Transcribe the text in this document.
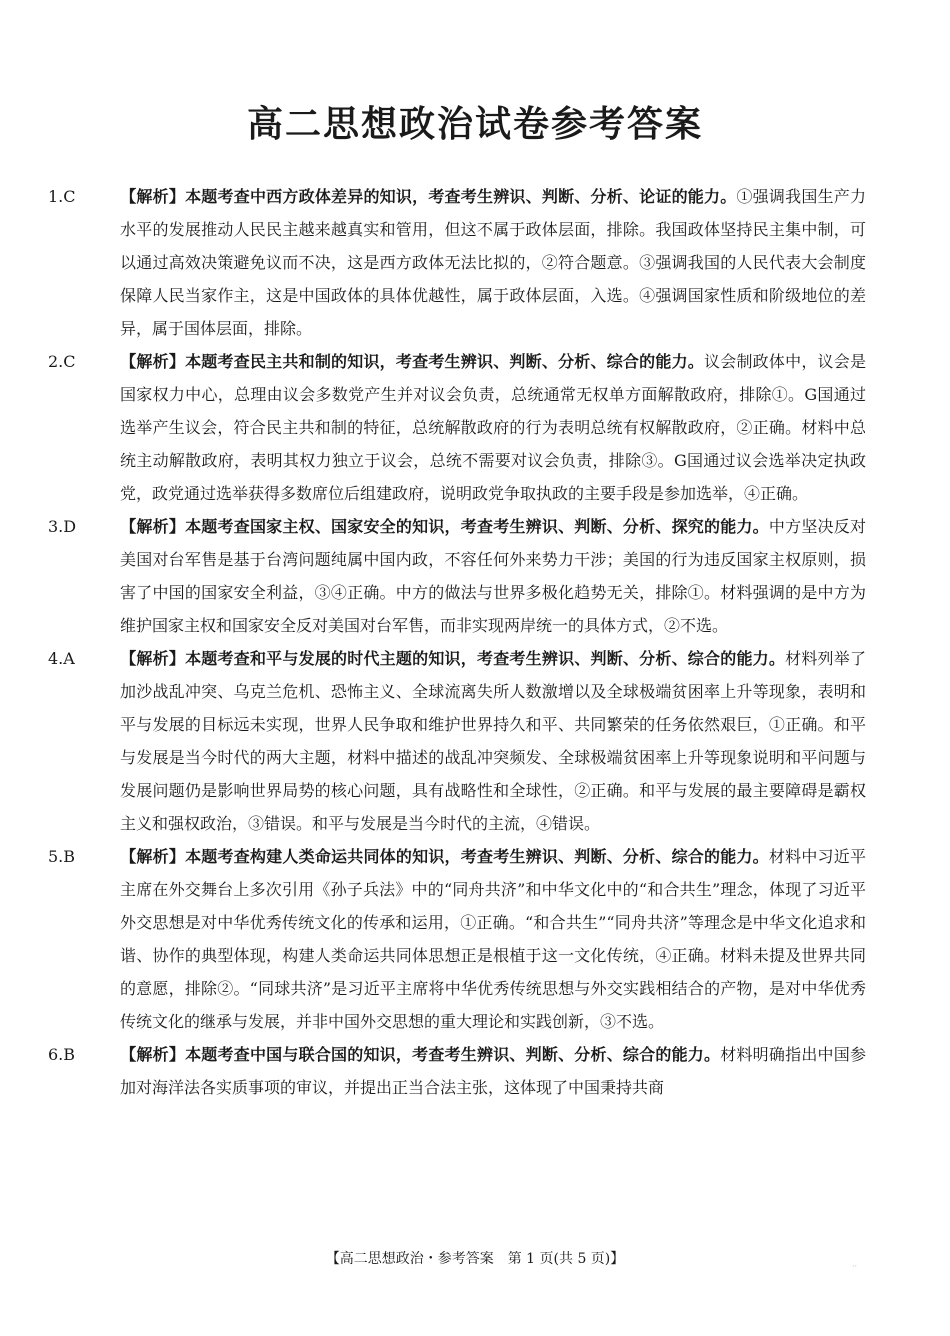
高二思想政治试卷参考答案
1.C	【解析】本题考查中西方政体差异的知识，考查考生辨识、判断、分析、论证的能力。①强调我国生产力水平的发展推动人民民主越来越真实和管用，但这不属于政体层面，排除。我国政体坚持民主集中制，可以通过高效决策避免议而不决，这是西方政体无法比拟的，②符合题意。③强调我国的人民代表大会制度保障人民当家作主，这是中国政体的具体优越性，属于政体层面，入选。④强调国家性质和阶级地位的差异，属于国体层面，排除。
2.C	【解析】本题考查民主共和制的知识，考查考生辨识、判断、分析、综合的能力。议会制政体中，议会是国家权力中心，总理由议会多数党产生并对议会负责，总统通常无权单方面解散政府，排除①。G国通过选举产生议会，符合民主共和制的特征，总统解散政府的行为表明总统有权解散政府，②正确。材料中总统主动解散政府，表明其权力独立于议会，总统不需要对议会负责，排除③。G国通过议会选举决定执政党，政党通过选举获得多数席位后组建政府，说明政党争取执政的主要手段是参加选举，④正确。
3.D	【解析】本题考查国家主权、国家安全的知识，考查考生辨识、判断、分析、探究的能力。中方坚决反对美国对台军售是基于台湾问题纯属中国内政，不容任何外来势力干涉；美国的行为违反国家主权原则，损害了中国的国家安全利益，③④正确。中方的做法与世界多极化趋势无关，排除①。材料强调的是中方为维护国家主权和国家安全反对美国对台军售，而非实现两岸统一的具体方式，②不选。
4.A	【解析】本题考查和平与发展的时代主题的知识，考查考生辨识、判断、分析、综合的能力。材料列举了加沙战乱冲突、乌克兰危机、恐怖主义、全球流离失所人数激增以及全球极端贫困率上升等现象，表明和平与发展的目标远未实现，世界人民争取和维护世界持久和平、共同繁荣的任务依然艰巨，①正确。和平与发展是当今时代的两大主题，材料中描述的战乱冲突频发、全球极端贫困率上升等现象说明和平问题与发展问题仍是影响世界局势的核心问题，具有战略性和全球性，②正确。和平与发展的最主要障碍是霸权主义和强权政治，③错误。和平与发展是当今时代的主流，④错误。
5.B	【解析】本题考查构建人类命运共同体的知识，考查考生辨识、判断、分析、综合的能力。材料中习近平主席在外交舞台上多次引用《孙子兵法》中的“同舟共济”和中华文化中的“和合共生”理念，体现了习近平外交思想是对中华优秀传统文化的传承和运用，①正确。“和合共生”“同舟共济”等理念是中华文化追求和谐、协作的典型体现，构建人类命运共同体思想正是根植于这一文化传统，④正确。材料未提及世界共同的意愿，排除②。“同球共济”是习近平主席将中华优秀传统思想与外交实践相结合的产物，是对中华优秀传统文化的继承与发展，并非中国外交思想的重大理论和实践创新，③不选。
6.B	【解析】本题考查中国与联合国的知识，考查考生辨识、判断、分析、综合的能力。材料明确指出中国参加对海洋法各实质事项的审议，并提出正当合法主张，这体现了中国秉持共商
【高二思想政治・参考答案　第 1 页(共 5 页)】	··
